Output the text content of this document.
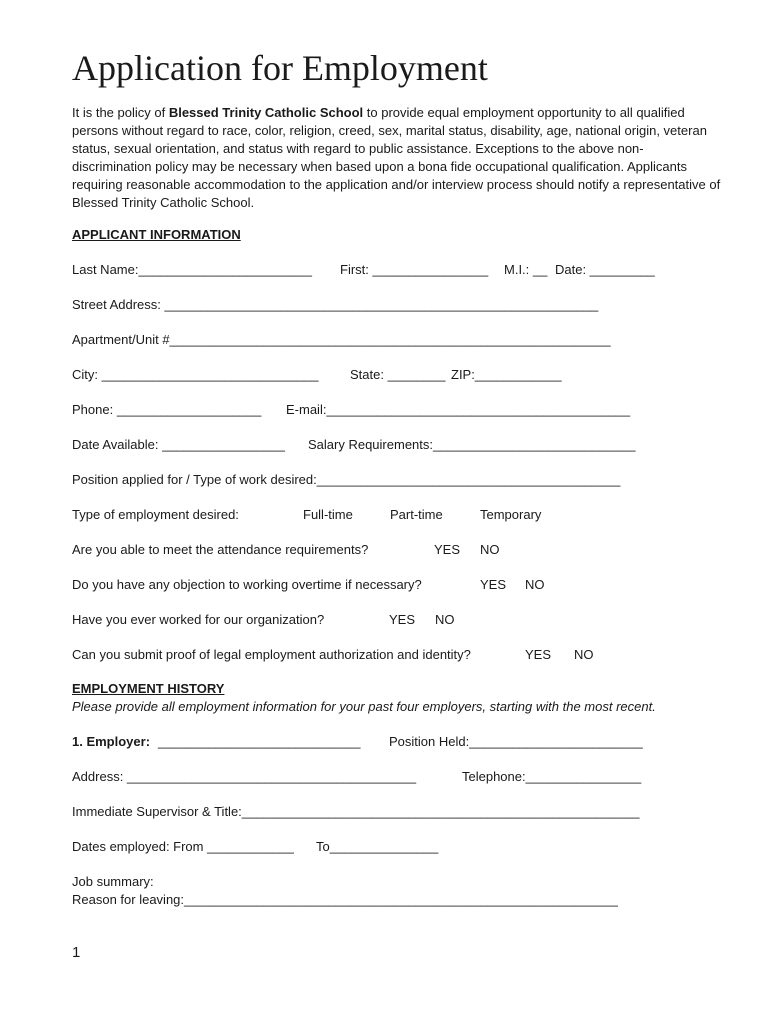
Application for Employment

It is the policy of Blessed Trinity Catholic School to provide equal employment opportunity to all qualified persons without regard to race, color, religion, creed, sex, marital status, disability, age, national origin, veteran status, sexual orientation, and status with regard to public assistance. Exceptions to the above non-discrimination policy may be necessary when based upon a bona fide occupational qualification. Applicants requiring reasonable accommodation to the application and/or interview process should notify a representative of Blessed Trinity Catholic School.

APPLICANT INFORMATION
Last Name:________________________ First: ________________ M.I.: __ Date: _________
Street Address: ____________________________________________________________
Apartment/Unit #_____________________________________________________________
City: ______________________________ State: ________ ZIP:____________
Phone: ____________________ E-mail:__________________________________________
Date Available: _________________ Salary Requirements:____________________________
Position applied for / Type of work desired:__________________________________________
Type of employment desired:	Full-time	Part-time	Temporary
Are you able to meet the attendance requirements?	YES NO
Do you have any objection to working overtime if necessary?	YES NO
Have you ever worked for our organization?	YES NO
Can you submit proof of legal employment authorization and identity?	YES NO
EMPLOYMENT HISTORY
Please provide all employment information for your past four employers, starting with the most recent.
1. Employer: ____________________________ Position Held:________________________
Address: ________________________________________	Telephone:________________
Immediate Supervisor & Title:_______________________________________________________
Dates employed: From ____________ To_______________
Job summary:
Reason for leaving:____________________________________________________________
1
